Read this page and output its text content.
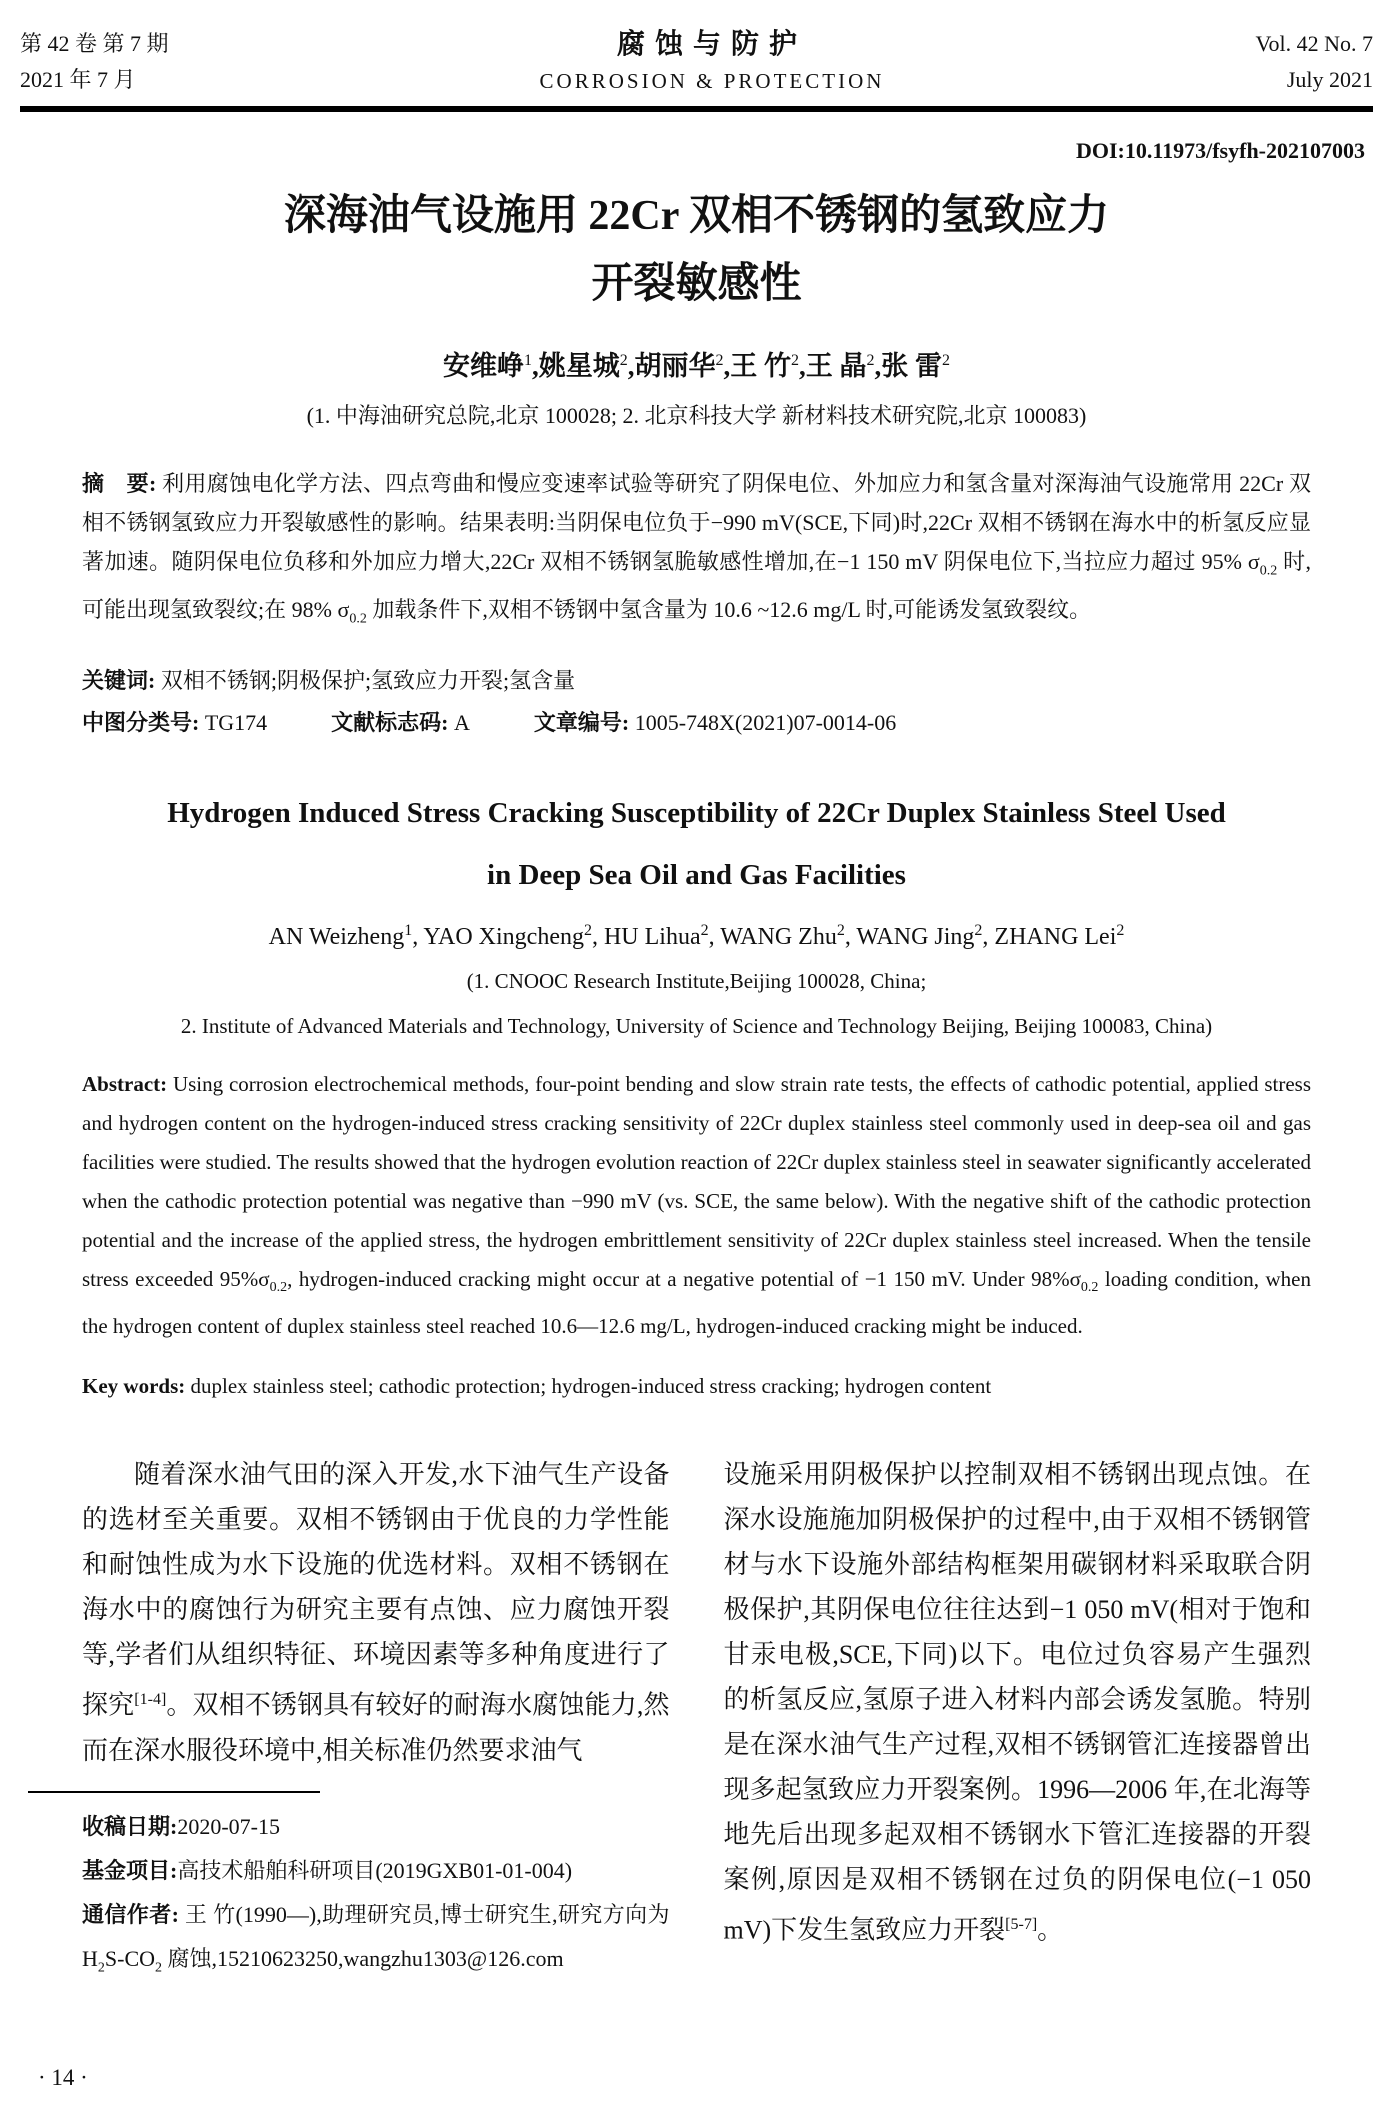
第 42 卷 第 7 期
2021 年 7 月
腐蚀与防护
CORROSION & PROTECTION
Vol. 42 No. 7
July 2021
DOI:10.11973/fsyfh-202107003
深海油气设施用 22Cr 双相不锈钢的氢致应力
开裂敏感性
安维峥$^1$,姚星城$^2$,胡丽华$^2$,王 竹$^2$,王 晶$^2$,张 雷$^2$
(1. 中海油研究总院,北京 100028; 2. 北京科技大学 新材料技术研究院,北京 100083)

摘　要: 利用腐蚀电化学方法、四点弯曲和慢应变速率试验等研究了阴保电位、外加应力和氢含量对深海油气设施常用 22Cr 双相不锈钢氢致应力开裂敏感性的影响。结果表明:当阴保电位负于−990 mV(SCE,下同)时,22Cr 双相不锈钢在海水中的析氢反应显著加速。随阴保电位负移和外加应力增大,22Cr 双相不锈钢氢脆敏感性增加,在−1 150 mV 阴保电位下,当拉应力超过 95% $\sigma_{0.2}$ 时,可能出现氢致裂纹;在 98% $\sigma_{0.2}$ 加载条件下,双相不锈钢中氢含量为 10.6 ~12.6 mg/L 时,可能诱发氢致裂纹。

关键词: 双相不锈钢;阴极保护;氢致应力开裂;氢含量
中图分类号: TG174	文献标志码: A	文章编号: 1005-748X(2021)07-0014-06
Hydrogen Induced Stress Cracking Susceptibility of 22Cr Duplex Stainless Steel Used
in Deep Sea Oil and Gas Facilities
AN Weizheng$^1$, YAO Xingcheng$^2$, HU Lihua$^2$, WANG Zhu$^2$, WANG Jing$^2$, ZHANG Lei$^2$
(1. CNOOC Research Institute,Beijing 100028, China;
2. Institute of Advanced Materials and Technology, University of Science and Technology Beijing, Beijing 100083, China)

Abstract: Using corrosion electrochemical methods, four-point bending and slow strain rate tests, the effects of cathodic potential, applied stress and hydrogen content on the hydrogen-induced stress cracking sensitivity of 22Cr duplex stainless steel commonly used in deep-sea oil and gas facilities were studied. The results showed that the hydrogen evolution reaction of 22Cr duplex stainless steel in seawater significantly accelerated when the cathodic protection potential was negative than −990 mV (vs. SCE, the same below). With the negative shift of the cathodic protection potential and the increase of the applied stress, the hydrogen embrittlement sensitivity of 22Cr duplex stainless steel increased. When the tensile stress exceeded $95\%\sigma_{0.2}$, hydrogen-induced cracking might occur at a negative potential of −1 150 mV. Under $98\%\sigma_{0.2}$ loading condition, when the hydrogen content of duplex stainless steel reached 10.6—12.6 mg/L, hydrogen-induced cracking might be induced.

Key words: duplex stainless steel; cathodic protection; hydrogen-induced stress cracking; hydrogen content

随着深水油气田的深入开发,水下油气生产设备的选材至关重要。双相不锈钢由于优良的力学性能和耐蚀性成为水下设施的优选材料。双相不锈钢在海水中的腐蚀行为研究主要有点蚀、应力腐蚀开裂等,学者们从组织特征、环境因素等多种角度进行了探究[1-4]。双相不锈钢具有较好的耐海水腐蚀能力,然而在深水服役环境中,相关标准仍然要求油气

收稿日期:2020-07-15
基金项目:高技术船舶科研项目(2019GXB01-01-004)
通信作者: 王 竹(1990—),助理研究员,博士研究生,研究方向为 $H_2S-CO_2$ 腐蚀,15210623250,wangzhu1303@126.com

设施采用阴极保护以控制双相不锈钢出现点蚀。在深水设施施加阴极保护的过程中,由于双相不锈钢管材与水下设施外部结构框架用碳钢材料采取联合阴极保护,其阴保电位往往达到−1 050 mV(相对于饱和甘汞电极,SCE,下同)以下。电位过负容易产生强烈的析氢反应,氢原子进入材料内部会诱发氢脆。特别是在深水油气生产过程,双相不锈钢管汇连接器曾出现多起氢致应力开裂案例。1996—2006 年,在北海等地先后出现多起双相不锈钢水下管汇连接器的开裂案例,原因是双相不锈钢在过负的阴保电位(−1 050 mV)下发生氢致应力开裂[5-7]。

· 14 ·
